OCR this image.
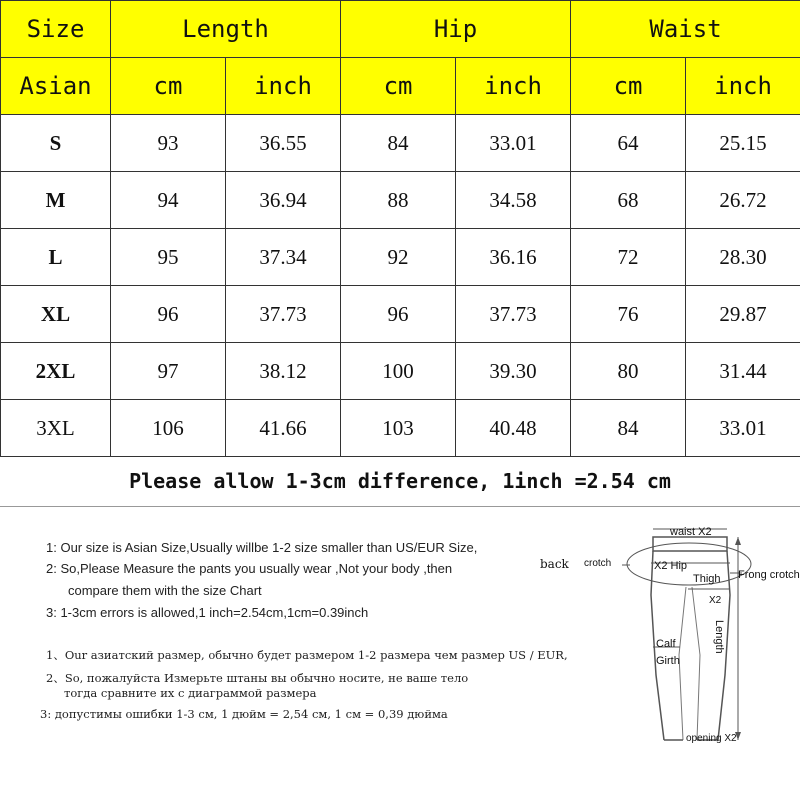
Size	Length		Hip		Waist	
Asian	cm	inch	cm	inch	cm	inch
S	93	36.55	84	33.01	64	25.15
M	94	36.94	88	34.58	68	26.72
L	95	37.34	92	36.16	72	28.30
XL	96	37.73	96	37.73	76	29.87
2XL	97	38.12	100	39.30	80	31.44
3XL	106	41.66	103	40.48	84	33.01
Please allow 1-3cm difference, 1inch =2.54 cm
1: Our size is Asian Size,Usually willbe 1-2 size smaller than US/EUR Size,
2: So,Please Measure the pants you usually wear ,Not your body ,then
compare them with the size Chart
3: 1-3cm errors is allowed,1 inch=2.54cm,1cm=0.39inch
1、Our азиатский размер, обычно будет размером 1-2 размера чем размер US / EUR,
2、So, пожалуйста Измерьте штаны вы обычно носите, не ваше тело
тогда сравните их с диаграммой размера
3: допустимы ошибки 1-3 см, 1 дюйм = 2,54 см, 1 см = 0,39 дюйма
waist X2
back crotch	X2 Hip
Thigh
X2
Frong crotch
Length
Calf
Girth
opening X2
